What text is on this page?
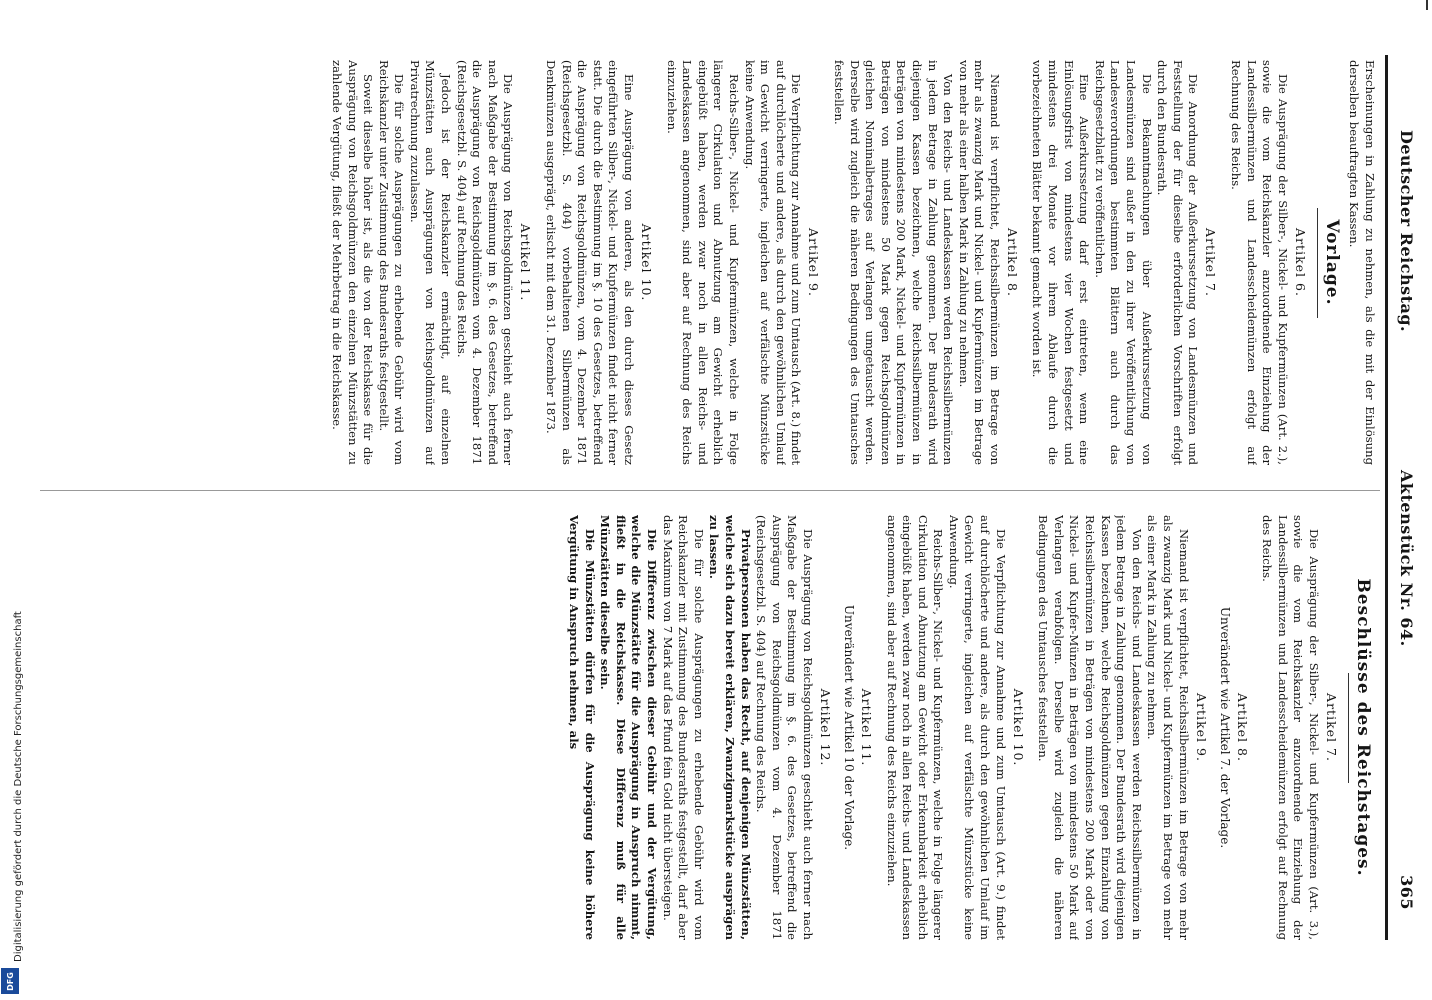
Deutscher Reichstag.
Aktenstück Nr. 64.
365

Erscheinungen in Zahlung zu nehmen, als die mit der Einlösung derselben beauftragten Kassen.

Vorlage.
Artikel 6.

Die Ausprägung der Silber-, Nickel- und Kupfermünzen (Art. 2.), sowie die vom Reichskanzler anzuordnende Einziehung der Landessilbermünzen und Landesscheidemünzen erfolgt auf Rechnung des Reichs.

Artikel 7.

Die Anordnung der Außerkurssetzung von Landesmünzen und Feststellung der für dieselbe erforderlichen Vorschriften erfolgt durch den Bundesrath.

Die Bekanntmachungen über Außerkurssetzung von Landesmünzen sind außer in den zu ihrer Veröffentlichung von Landesverordnungen bestimmten Blättern auch durch das Reichsgesetzblatt zu veröffentlichen.

Eine Außerkurssetzung darf erst eintreten, wenn eine Einlösungsfrist von mindestens vier Wochen festgesetzt und mindestens drei Monate vor ihrem Ablaufe durch die vorbezeichneten Blätter bekannt gemacht worden ist.

Artikel 8.

Niemand ist verpflichtet, Reichssilbermünzen im Betrage von mehr als zwanzig Mark und Nickel- und Kupfermünzen im Betrage von mehr als einer halben Mark in Zahlung zu nehmen.

Von den Reichs- und Landeskassen werden Reichssilbermünzen in jedem Betrage in Zahlung genommen. Der Bundesrath wird diejenigen Kassen bezeichnen, welche Reichssilbermünzen in Beträgen von mindestens 200 Mark, Nickel- und Kupfermünzen in Beträgen von mindestens 50 Mark gegen Reichsgoldmünzen gleichen Nominalbetrages auf Verlangen umgetauscht werden. Derselbe wird zugleich die näheren Bedingungen des Umtausches feststellen.

Artikel 9.

Die Verpflichtung zur Annahme und zum Umtausch (Art. 8.) findet auf durchlöcherte und andere, als durch den gewöhnlichen Umlauf im Gewicht verringerte, ingleichen auf verfälschte Münzstücke keine Anwendung.

Reichs-Silber-, Nickel- und Kupfermünzen, welche in Folge längerer Cirkulation und Abnutzung am Gewicht erheblich eingebüßt haben, werden zwar noch in allen Reichs- und Landeskassen angenommen, sind aber auf Rechnung des Reichs einzuziehen.

Artikel 10.

Eine Ausprägung von anderen, als den durch dieses Gesetz eingeführten Silber-, Nickel- und Kupfermünzen findet nicht ferner statt. Die durch die Bestimmung im §. 10 des Gesetzes, betreffend die Ausprägung von Reichsgoldmünzen, vom 4. Dezember 1871 (Reichsgesetzbl. S. 404) vorbehaltenen Silbermünzen als Denkmünzen ausgeprägt, erlischt mit dem 31. Dezember 1873.

Artikel 11.

Die Ausprägung von Reichsgoldmünzen geschieht auch ferner nach Maßgabe der Bestimmung im §. 6. des Gesetzes, betreffend die Ausprägung von Reichsgoldmünzen vom 4. Dezember 1871 (Reichsgesetzbl. S. 404) auf Rechnung des Reichs.

Jedoch ist der Reichskanzler ermächtigt, auf einzelnen Münzstätten auch Ausprägungen von Reichsgoldmünzen auf Privatrechnung zuzulassen.

Die für solche Ausprägungen zu erhebende Gebühr wird vom Reichskanzler unter Zustimmung des Bundesraths festgestellt.

Soweit dieselbe höher ist, als die von der Reichskasse für die Ausprägung von Reichsgoldmünzen den einzelnen Münzstätten zu zahlende Vergütung, fließt der Mehrbetrag in die Reichskasse.

Beschlüsse des Reichstages.
Artikel 7.

Die Ausprägung der Silber-, Nickel- und Kupfermünzen (Art. 3.), sowie die vom Reichskanzler anzuordnende Einziehung der Landessilbermünzen und Landesscheidemünzen erfolgt auf Rechnung des Reichs.

Artikel 8.

Unverändert wie Artikel 7. der Vorlage.

Artikel 9.

Niemand ist verpflichtet, Reichssilbermünzen im Betrage von mehr als zwanzig Mark und Nickel- und Kupfermünzen im Betrage von mehr als einer Mark in Zahlung zu nehmen.

Von den Reichs- und Landeskassen werden Reichssilbermünzen in jedem Betrage in Zahlung genommen. Der Bundesrath wird diejenigen Kassen bezeichnen, welche Reichsgoldmünzen gegen Einzahlung von Reichssilbermünzen in Beträgen von mindestens 200 Mark oder von Nickel- und Kupfer-Münzen in Beträgen von mindestens 50 Mark auf Verlangen verabfolgen. Derselbe wird zugleich die näheren Bedingungen des Umtausches feststellen.

Artikel 10.

Die Verpflichtung zur Annahme und zum Umtausch (Art. 9.) findet auf durchlöcherte und andere, als durch den gewöhnlichen Umlauf im Gewicht verringerte, ingleichen auf verfälschte Münzstücke keine Anwendung.

Reichs-Silber-, Nickel- und Kupfermünzen, welche in Folge längerer Cirkulation und Abnutzung am Gewicht oder Erkennbarkeit erheblich eingebüßt haben, werden zwar noch in allen Reichs- und Landeskassen angenommen, sind aber auf Rechnung des Reichs einzuziehen.

Artikel 11.

Unverändert wie Artikel 10 der Vorlage.

Artikel 12.

Die Ausprägung von Reichsgoldmünzen geschieht auch ferner nach Maßgabe der Bestimmung im §. 6. des Gesetzes, betreffend die Ausprägung von Reichsgoldmünzen vom 4. Dezember 1871 (Reichsgesetzbl. S. 404) auf Rechnung des Reichs.

Privatpersonen haben das Recht, auf denjenigen Münzstätten, welche sich dazu bereit erklären, Zwanzigmarkstücke ausprägen zu lassen.

Die für solche Ausprägungen zu erhebende Gebühr wird vom Reichskanzler mit Zustimmung des Bundesraths festgestellt, darf aber das Maximum von 7 Mark auf das Pfund fein Gold nicht übersteigen.

Die Differenz zwischen dieser Gebühr und der Vergütung, welche die Münzstätte für die Ausprägung in Anspruch nimmt, fließt in die Reichskasse. Diese Differenz muß für alle Münzstätten dieselbe sein.

Die Münzstätten dürfen für die Ausprägung keine höhere Vergütung in Anspruch nehmen, als

Digitalisierung gefördert durch die Deutsche Forschungsgemeinschaft
DFG
